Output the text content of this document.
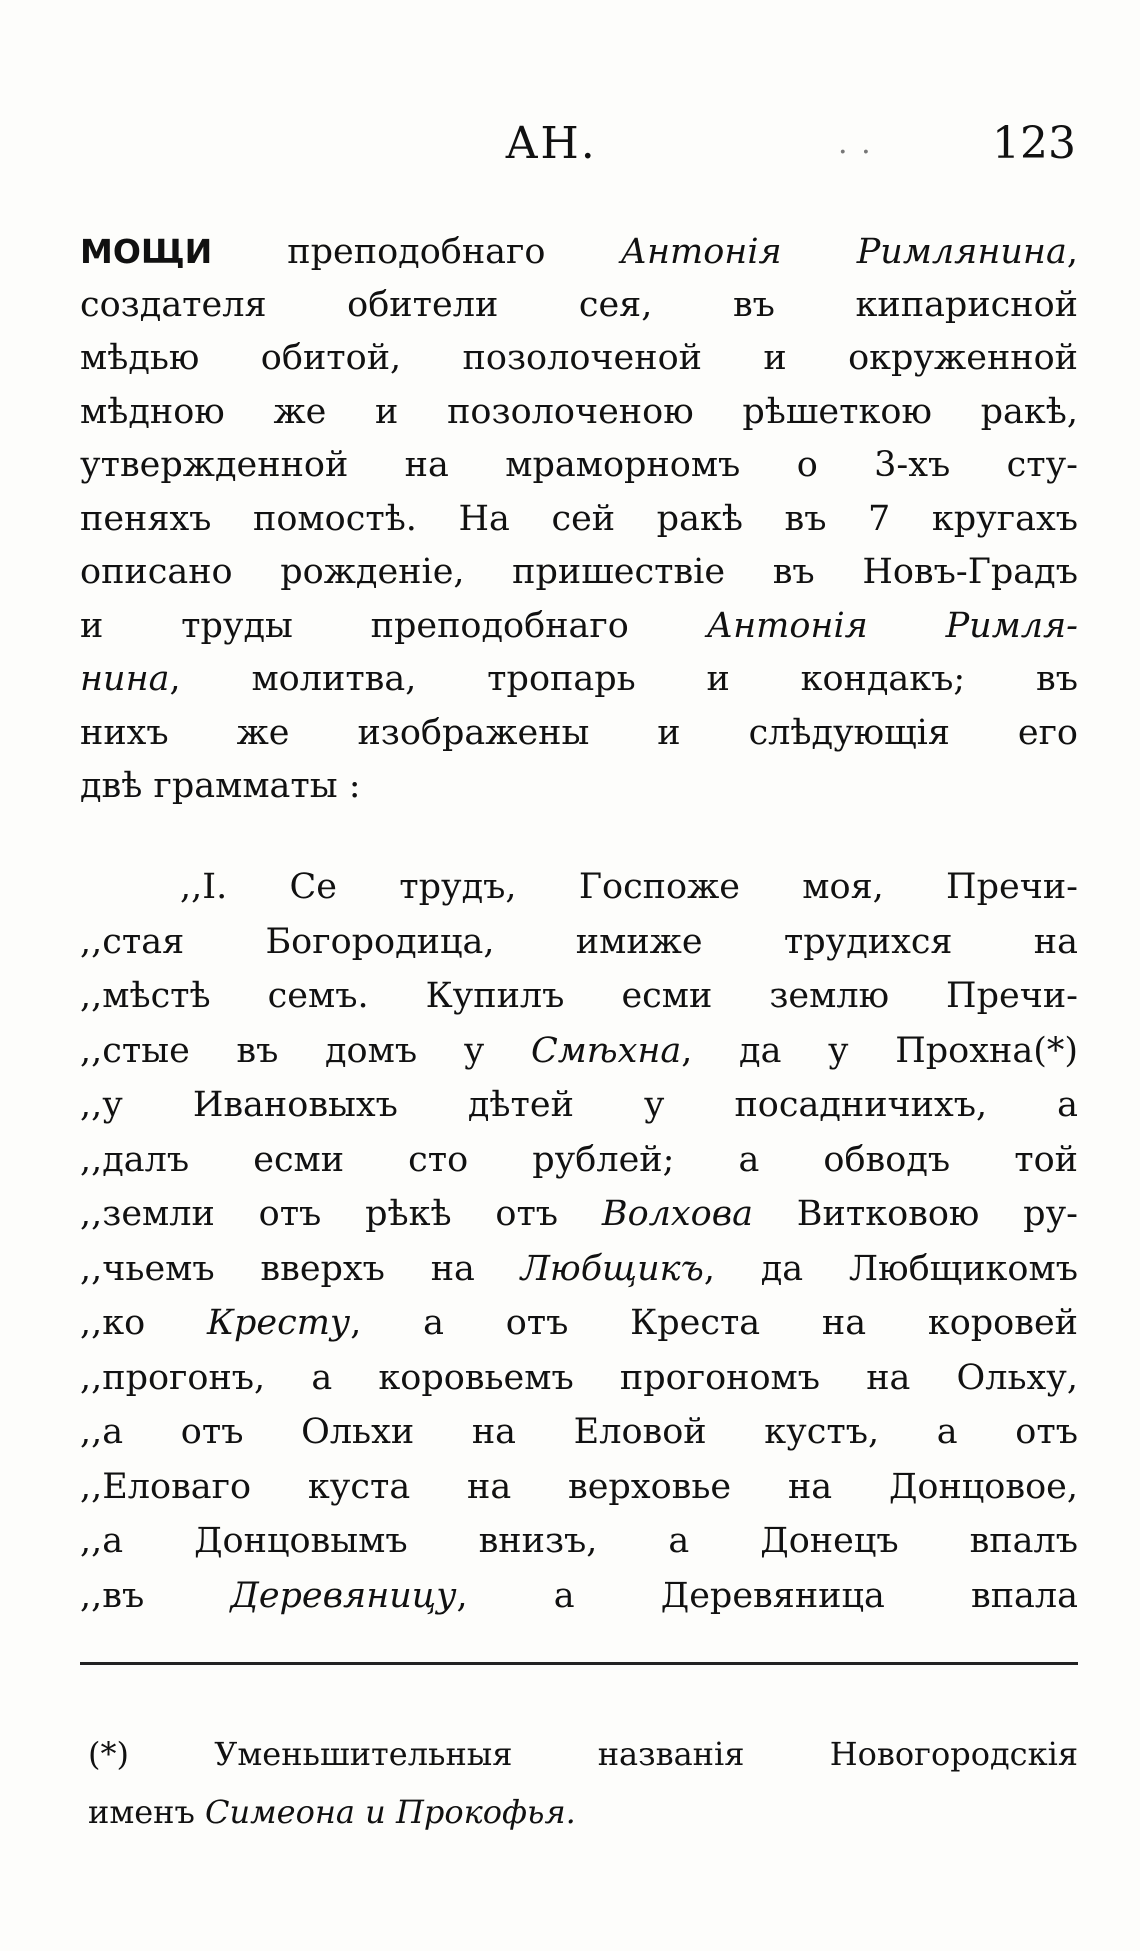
АН.	. .	123
МОЩИ преподобнаго Антонія Римлянина,
создателя обители сея, въ кипарисной
мѣдью обитой, позолоченой и окруженной
мѣдною же и позолоченою рѣшеткою ракѣ,
утвержденной на мраморномъ о 3-хъ сту-
пеняхъ помостѣ. На сей ракѣ въ 7 кругахъ
описано рожденіе, пришествіе въ Новъ-Градъ
и труды преподобнаго Антонія Римля-
нина, молитва, тропарь и кондакъ; въ
нихъ же изображены и слѣдующія его
двѣ грамматы :
,,I. Се трудъ, Госпоже моя, Пречи-
,,стая Богородица, имиже трудихся на
,,мѣстѣ семъ. Купилъ есми землю Пречи-
,,стые въ домъ у Смѣхна, да у Прохна(*)
,,у Ивановыхъ дѣтей у посадничихъ, а
,,далъ есми сто рублей; а обводъ той
,,земли отъ рѣкѣ отъ Волхова Витковою ру-
,,чьемъ вверхъ на Любщикъ, да Любщикомъ
,,ко Кресту, а отъ Креста на коровей
,,прогонъ, а коровьемъ прогономъ на Ольху,
,,а отъ Ольхи на Еловой кустъ, а отъ
,,Еловаго куста на верховье на Донцовое,
,,а Донцовымъ внизъ, а Донецъ впалъ
,,въ Деревяницу, а Деревяница впала
(*) Уменьшительныя названія Новогородскія
именъ Симеона и Прокофья.
